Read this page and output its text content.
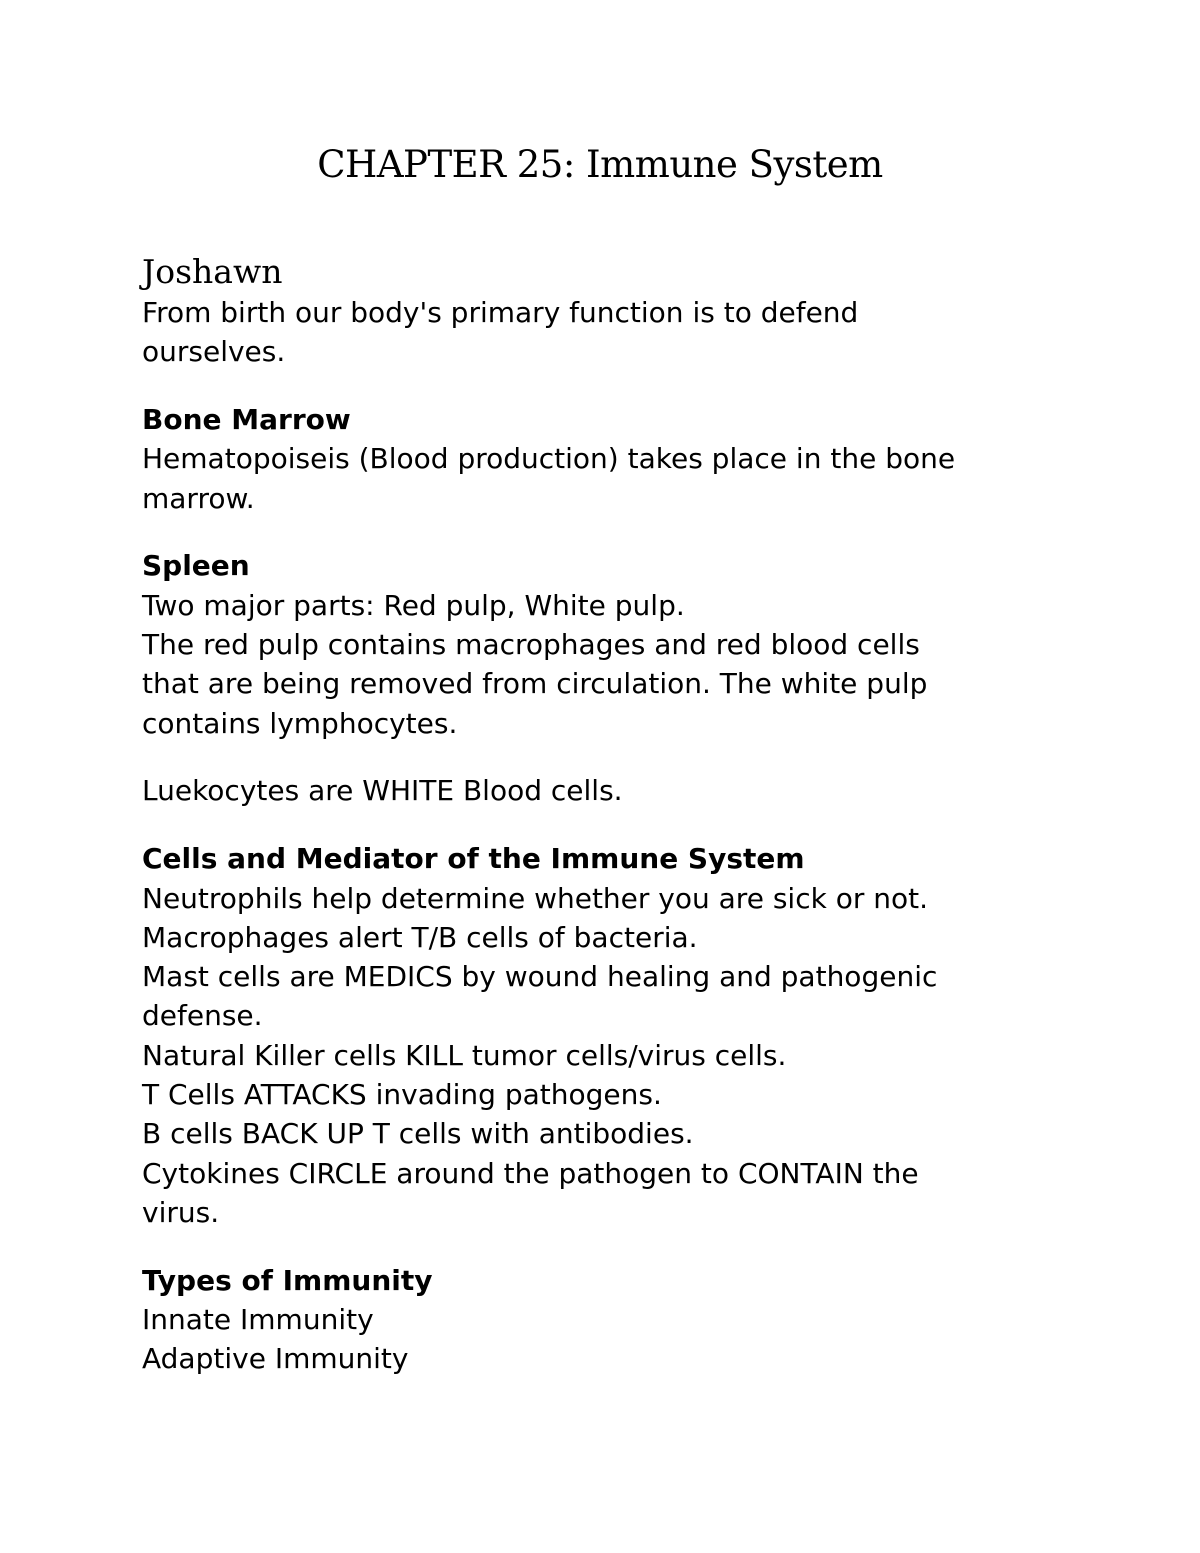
CHAPTER 25: Immune System

Joshawn

From birth our body's primary function is to defend

ourselves.

Bone Marrow

Hematopoiseis (Blood production) takes place in the bone

marrow.

Spleen

Two major parts: Red pulp, White pulp.

The red pulp contains macrophages and red blood cells

that are being removed from circulation. The white pulp

contains lymphocytes.

Luekocytes are WHITE Blood cells.

Cells and Mediator of the Immune System

Neutrophils help determine whether you are sick or not.

Macrophages alert T/B cells of bacteria.

Mast cells are MEDICS by wound healing and pathogenic

defense.

Natural Killer cells KILL tumor cells/virus cells.

T Cells ATTACKS invading pathogens.

B cells BACK UP T cells with antibodies.

Cytokines CIRCLE around the pathogen to CONTAIN the

virus.

Types of Immunity

Innate Immunity

Adaptive Immunity
